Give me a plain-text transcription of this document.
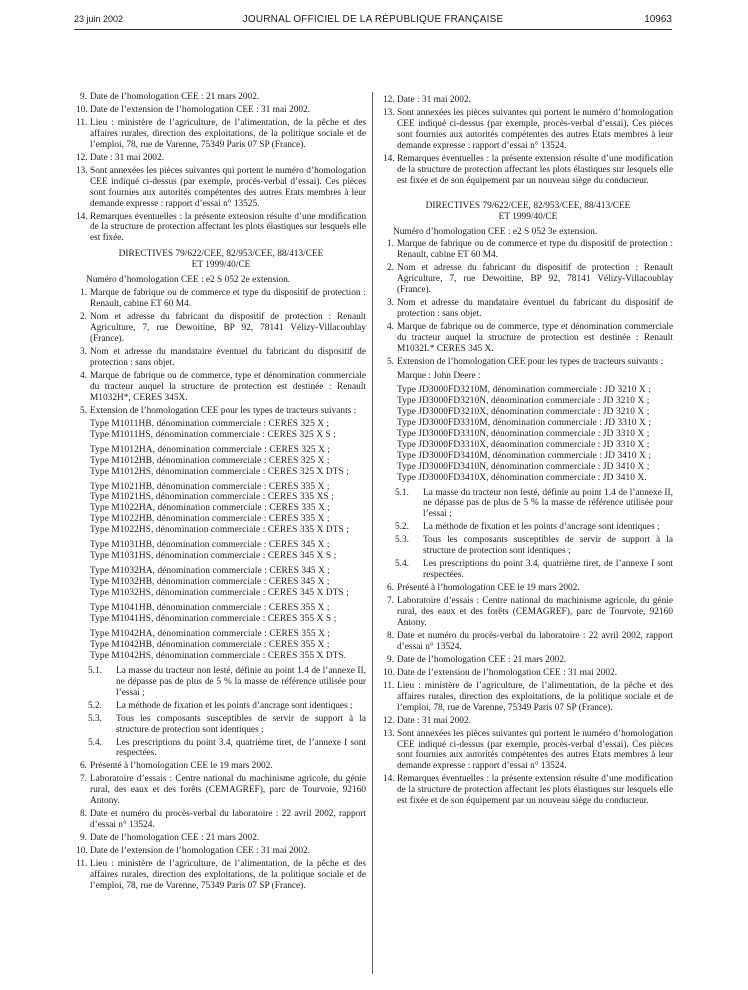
23 juin 2002	JOURNAL OFFICIEL DE LA RÉPUBLIQUE FRANÇAISE	10963
9. Date de l’homologation CEE : 21 mars 2002.
10. Date de l’extension de l’homologation CEE : 31 mai 2002.
11. Lieu : ministère de l’agriculture, de l’alimentation, de la pêche et des affaires rurales, direction des exploitations, de la politique sociale et de l’emploi, 78, rue de Varenne, 75349 Paris 07 SP (France).
12. Date : 31 mai 2002.
13. Sont annexées les pièces suivantes qui portent le numéro d’homologation CEE indiqué ci-dessus (par exemple, procès-verbal d’essai). Ces pièces sont fournies aux autorités compétentes des autres Etats membres à leur demande expresse : rapport d’essai n° 13525.
14. Remarques éventuelles : la présente extension résulte d’une modification de la structure de protection affectant les plots élastiques sur lesquels elle est fixée.
DIRECTIVES 79/622/CEE, 82/953/CEE, 88/413/CEE
ET 1999/40/CE
Numéro d’homologation CEE : e2 S 052 2e extension.
1. Marque de fabrique ou de commerce et type du dispositif de protection : Renault, cabine ET 60 M4.
2. Nom et adresse du fabricant du dispositif de protection : Renault Agriculture, 7, rue Dewoitine, BP 92, 78141 Vélizy-Villacoublay (France).
3. Nom et adresse du mandataire éventuel du fabricant du dispositif de protection : sans objet.
4. Marque de fabrique ou de commerce, type et dénomination commerciale du tracteur auquel la structure de protection est destinée : Renault M1032H*, CERES 345X.
5. Extension de l’homologation CEE pour les types de tracteurs suivants :
Type M1011HB, dénomination commerciale : CERES 325 X ;
Type M1011HS, dénomination commerciale : CERES 325 X S ;
Type M1012HA, dénomination commerciale : CERES 325 X ;
Type M1012HB, dénomination commerciale : CERES 325 X ;
Type M1012HS, dénomination commerciale : CERES 325 X DTS ;
Type M1021HB, dénomination commerciale : CERES 335 X ;
Type M1021HS, dénomination commerciale : CERES 335 XS ;
Type M1022HA, dénomination commerciale : CERES 335 X ;
Type M1022HB, dénomination commerciale : CERES 335 X ;
Type M1022HS, dénomination commerciale : CERES 335 X DTS ;
Type M1031HB, dénomination commerciale : CERES 345 X ;
Type M1031HS, dénomination commerciale : CERES 345 X S ;
Type M1032HA, dénomination commerciale : CERES 345 X ;
Type M1032HB, dénomination commerciale : CERES 345 X ;
Type M1032HS, dénomination commerciale : CERES 345 X DTS ;
Type M1041HB, dénomination commerciale : CERES 355 X ;
Type M1041HS, dénomination commerciale : CERES 355 X S ;
Type M1042HA, dénomination commerciale : CERES 355 X ;
Type M1042HB, dénomination commerciale : CERES 355 X ;
Type M1042HS, dénomination commerciale : CERES 355 X DTS.
5.1. La masse du tracteur non lesté, définie au point 1.4 de l’annexe II, ne dépasse pas de plus de 5 % la masse de référence utilisée pour l’essai ;
5.2. La méthode de fixation et les points d’ancrage sont identiques ;
5.3. Tous les composants susceptibles de servir de support à la structure de protection sont identiques ;
5.4. Les prescriptions du point 3.4, quatrième tiret, de l’annexe I sont respectées.
6. Présenté à l’homologation CEE le 19 mars 2002.
7. Laboratoire d’essais : Centre national du machinisme agricole, du génie rural, des eaux et des forêts (CEMAGREF), parc de Tourvoie, 92160 Antony.
8. Date et numéro du procès-verbal du laboratoire : 22 avril 2002, rapport d’essai n° 13524.
9. Date de l’homologation CEE : 21 mars 2002.
10. Date de l’extension de l’homologation CEE : 31 mai 2002.
11. Lieu : ministère de l’agriculture, de l’alimentation, de la pêche et des affaires rurales, direction des exploitations, de la politique sociale et de l’emploi, 78, rue de Varenne, 75349 Paris 07 SP (France).
12. Date : 31 mai 2002.
13. Sont annexées les pièces suivantes qui portent le numéro d’homologation CEE indiqué ci-dessus (par exemple, procès-verbal d’essai). Ces pièces sont fournies aux autorités compétentes des autres Etats membres à leur demande expresse : rapport d’essai n° 13524.
14. Remarques éventuelles : la présente extension résulte d’une modification de la structure de protection affectant les plots élastiques sur lesquels elle est fixée et de son équipement par un nouveau siège du conducteur.
DIRECTIVES 79/622/CEE, 82/953/CEE, 88/413/CEE
ET 1999/40/CE
Numéro d’homologation CEE : e2 S 052 3e extension.
1. Marque de fabrique ou de commerce et type du dispositif de protection : Renault, cabine ET 60 M4.
2. Nom et adresse du fabricant du dispositif de protection : Renault Agriculture, 7, rue Dewoitine, BP 92, 78141 Vélizy-Villacoublay (France).
3. Nom et adresse du mandataire éventuel du fabricant du dispositif de protection : sans objet.
4. Marque de fabrique ou de commerce, type et dénomination commerciale du tracteur auquel la structure de protection est destinée : Renault M1032L* CERES 345 X.
5. Extension de l’homologation CEE pour les types de tracteurs suivants :
Marque : John Deere :
Type JD3000FD3210M, dénomination commerciale : JD 3210 X ;
Type JD3000FD3210N, dénomination commerciale : JD 3210 X ;
Type JD3000FD3210X, dénomination commerciale : JD 3210 X ;
Type JD3000FD3310M, dénomination commerciale : JD 3310 X ;
Type JD3000FD3310N, dénomination commerciale : JD 3310 X ;
Type JD3000FD3310X, dénomination commerciale : JD 3310 X ;
Type JD3000FD3410M, dénomination commerciale : JD 3410 X ;
Type JD3000FD3410N, dénomination commerciale : JD 3410 X ;
Type JD3000FD3410X, dénomination commerciale : JD 3410 X.
5.1. La masse du tracteur non lesté, définie au point 1.4 de l’annexe II, ne dépasse pas de plus de 5 % la masse de référence utilisée pour l’essai ;
5.2. La méthode de fixation et les points d’ancrage sont identiques ;
5.3. Tous les composants susceptibles de servir de support à la structure de protection sont identiques ;
5.4. Les prescriptions du point 3.4, quatrième tiret, de l’annexe I sont respectées.
6. Présenté à l’homologation CEE le 19 mars 2002.
7. Laboratoire d’essais : Centre national du machinisme agricole, du génie rural, des eaux et des forêts (CEMAGREF), parc de Tourvoie, 92160 Antony.
8. Date et numéro du procès-verbal du laboratoire : 22 avril 2002, rapport d’essai n° 13524.
9. Date de l’homologation CEE : 21 mars 2002.
10. Date de l’extension de l’homologation CEE : 31 mai 2002.
11. Lieu : ministère de l’agriculture, de l’alimentation, de la pêche et des affaires rurales, direction des exploitations, de la politique sociale et de l’emploi, 78, rue de Varenne, 75349 Paris 07 SP (France).
12. Date : 31 mai 2002.
13. Sont annexées les pièces suivantes qui portent le numéro d’homologation CEE indiqué ci-dessus (par exemple, procès-verbal d’essai). Ces pièces sont fournies aux autorités compétentes des autres Etats membres à leur demande expresse : rapport d’essai n° 13524.
14. Remarques éventuelles : la présente extension résulte d’une modification de la structure de protection affectant les plots élastiques sur lesquels elle est fixée et de son équipement par un nouveau siège du conducteur.
